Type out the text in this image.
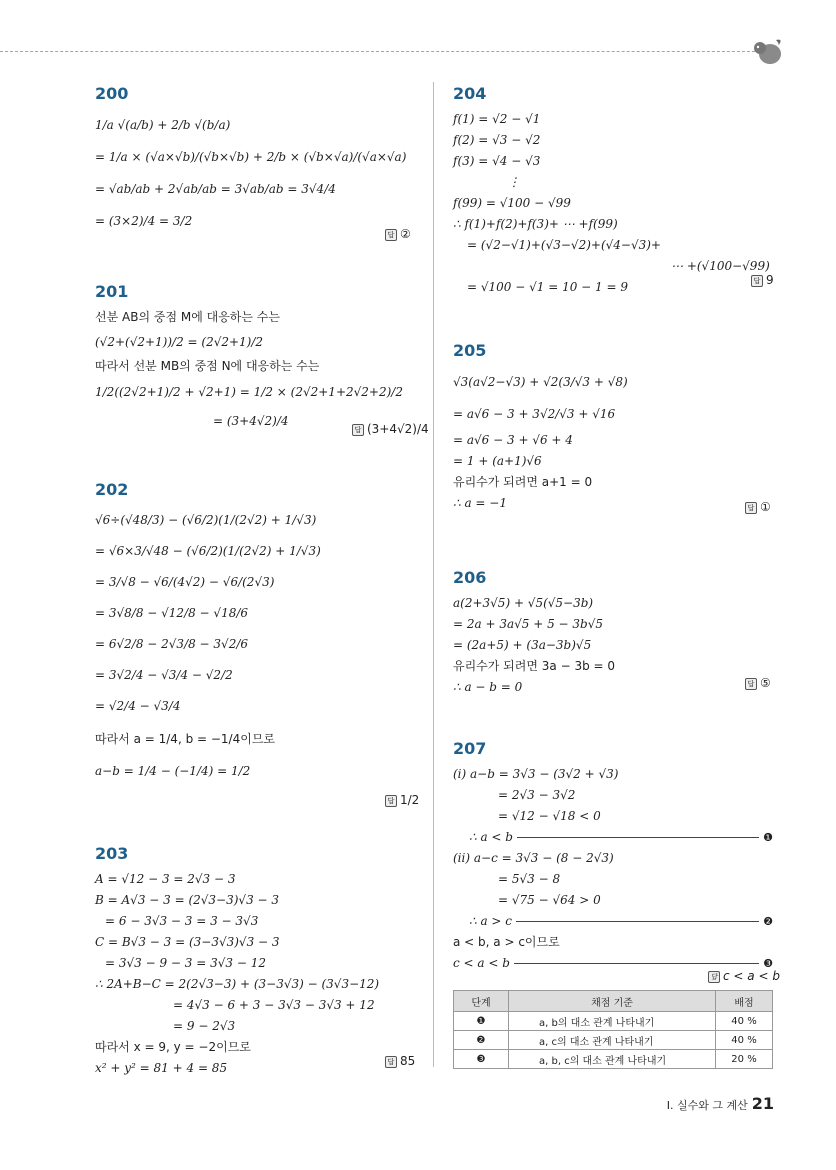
200
1/a √(a/b) + 2/b √(b/a)
= 1/a × (√a×√b)/(√b×√b) + 2/b × (√b×√a)/(√a×√a)
= √ab/ab + 2√ab/ab = 3√ab/ab = 3√4/4
= (3×2)/4 = 3/2
답 ②
201
선분 AB의 중점 M에 대응하는 수는
(√2+(√2+1))/2 = (2√2+1)/2
따라서 선분 MB의 중점 N에 대응하는 수는
1/2((2√2+1)/2 + √2+1) = 1/2 × (2√2+1+2√2+2)/2
= (3+4√2)/4
답 (3+4√2)/4
202
√6÷(√48/3) − (√6/2)(1/(2√2) + 1/√3)
= √6×3/√48 − (√6/2)(1/(2√2) + 1/√3)
= 3/√8 − √6/(4√2) − √6/(2√3)
= 3√8/8 − √12/8 − √18/6
= 6√2/8 − 2√3/8 − 3√2/6
= 3√2/4 − √3/4 − √2/2
= √2/4 − √3/4
따라서 a = 1/4, b = −1/4이므로
a−b = 1/4 − (−1/4) = 1/2
답 1/2
203
A = √12 − 3 = 2√3 − 3
B = A√3 − 3 = (2√3−3)√3 − 3
= 6 − 3√3 − 3 = 3 − 3√3
C = B√3 − 3 = (3−3√3)√3 − 3
= 3√3 − 9 − 3 = 3√3 − 12
∴ 2A+B−C = 2(2√3−3) + (3−3√3) − (3√3−12)
= 4√3 − 6 + 3 − 3√3 − 3√3 + 12
= 9 − 2√3
따라서 x = 9, y = −2이므로
x² + y² = 81 + 4 = 85	답 85
204
f(1) = √2 − √1
f(2) = √3 − √2
f(3) = √4 − √3
⋮
f(99) = √100 − √99
∴ f(1)+f(2)+f(3)+ ⋯ +f(99)
= (√2−√1)+(√3−√2)+(√4−√3)+
⋯ +(√100−√99)
= √100 − √1 = 10 − 1 = 9	답 9
205
√3(a√2−√3) + √2(3/√3 + √8)
= a√6 − 3 + 3√2/√3 + √16
= a√6 − 3 + √6 + 4
= 1 + (a+1)√6
유리수가 되려면 a+1 = 0
∴ a = −1	답 ①
206
a(2+3√5) + √5(√5−3b)
= 2a + 3a√5 + 5 − 3b√5
= (2a+5) + (3a−3b)√5
유리수가 되려면 3a − 3b = 0
∴ a − b = 0	답 ⑤
207
(i) a−b = 3√3 − (3√2 + √3)
= 2√3 − 3√2
= √12 − √18 < 0
∴ a < b	❶
(ii) a−c = 3√3 − (8 − 2√3)
= 5√3 − 8
= √75 − √64 > 0
∴ a > c	❷
a < b, a > c이므로
c < a < b	❸
답 c < a < b
단계	채점 기준	배점
❶	a, b의 대소 관계 나타내기	40 %
❷	a, c의 대소 관계 나타내기	40 %
❸	a, b, c의 대소 관계 나타내기	20 %
Ⅰ. 실수와 그 계산 21
